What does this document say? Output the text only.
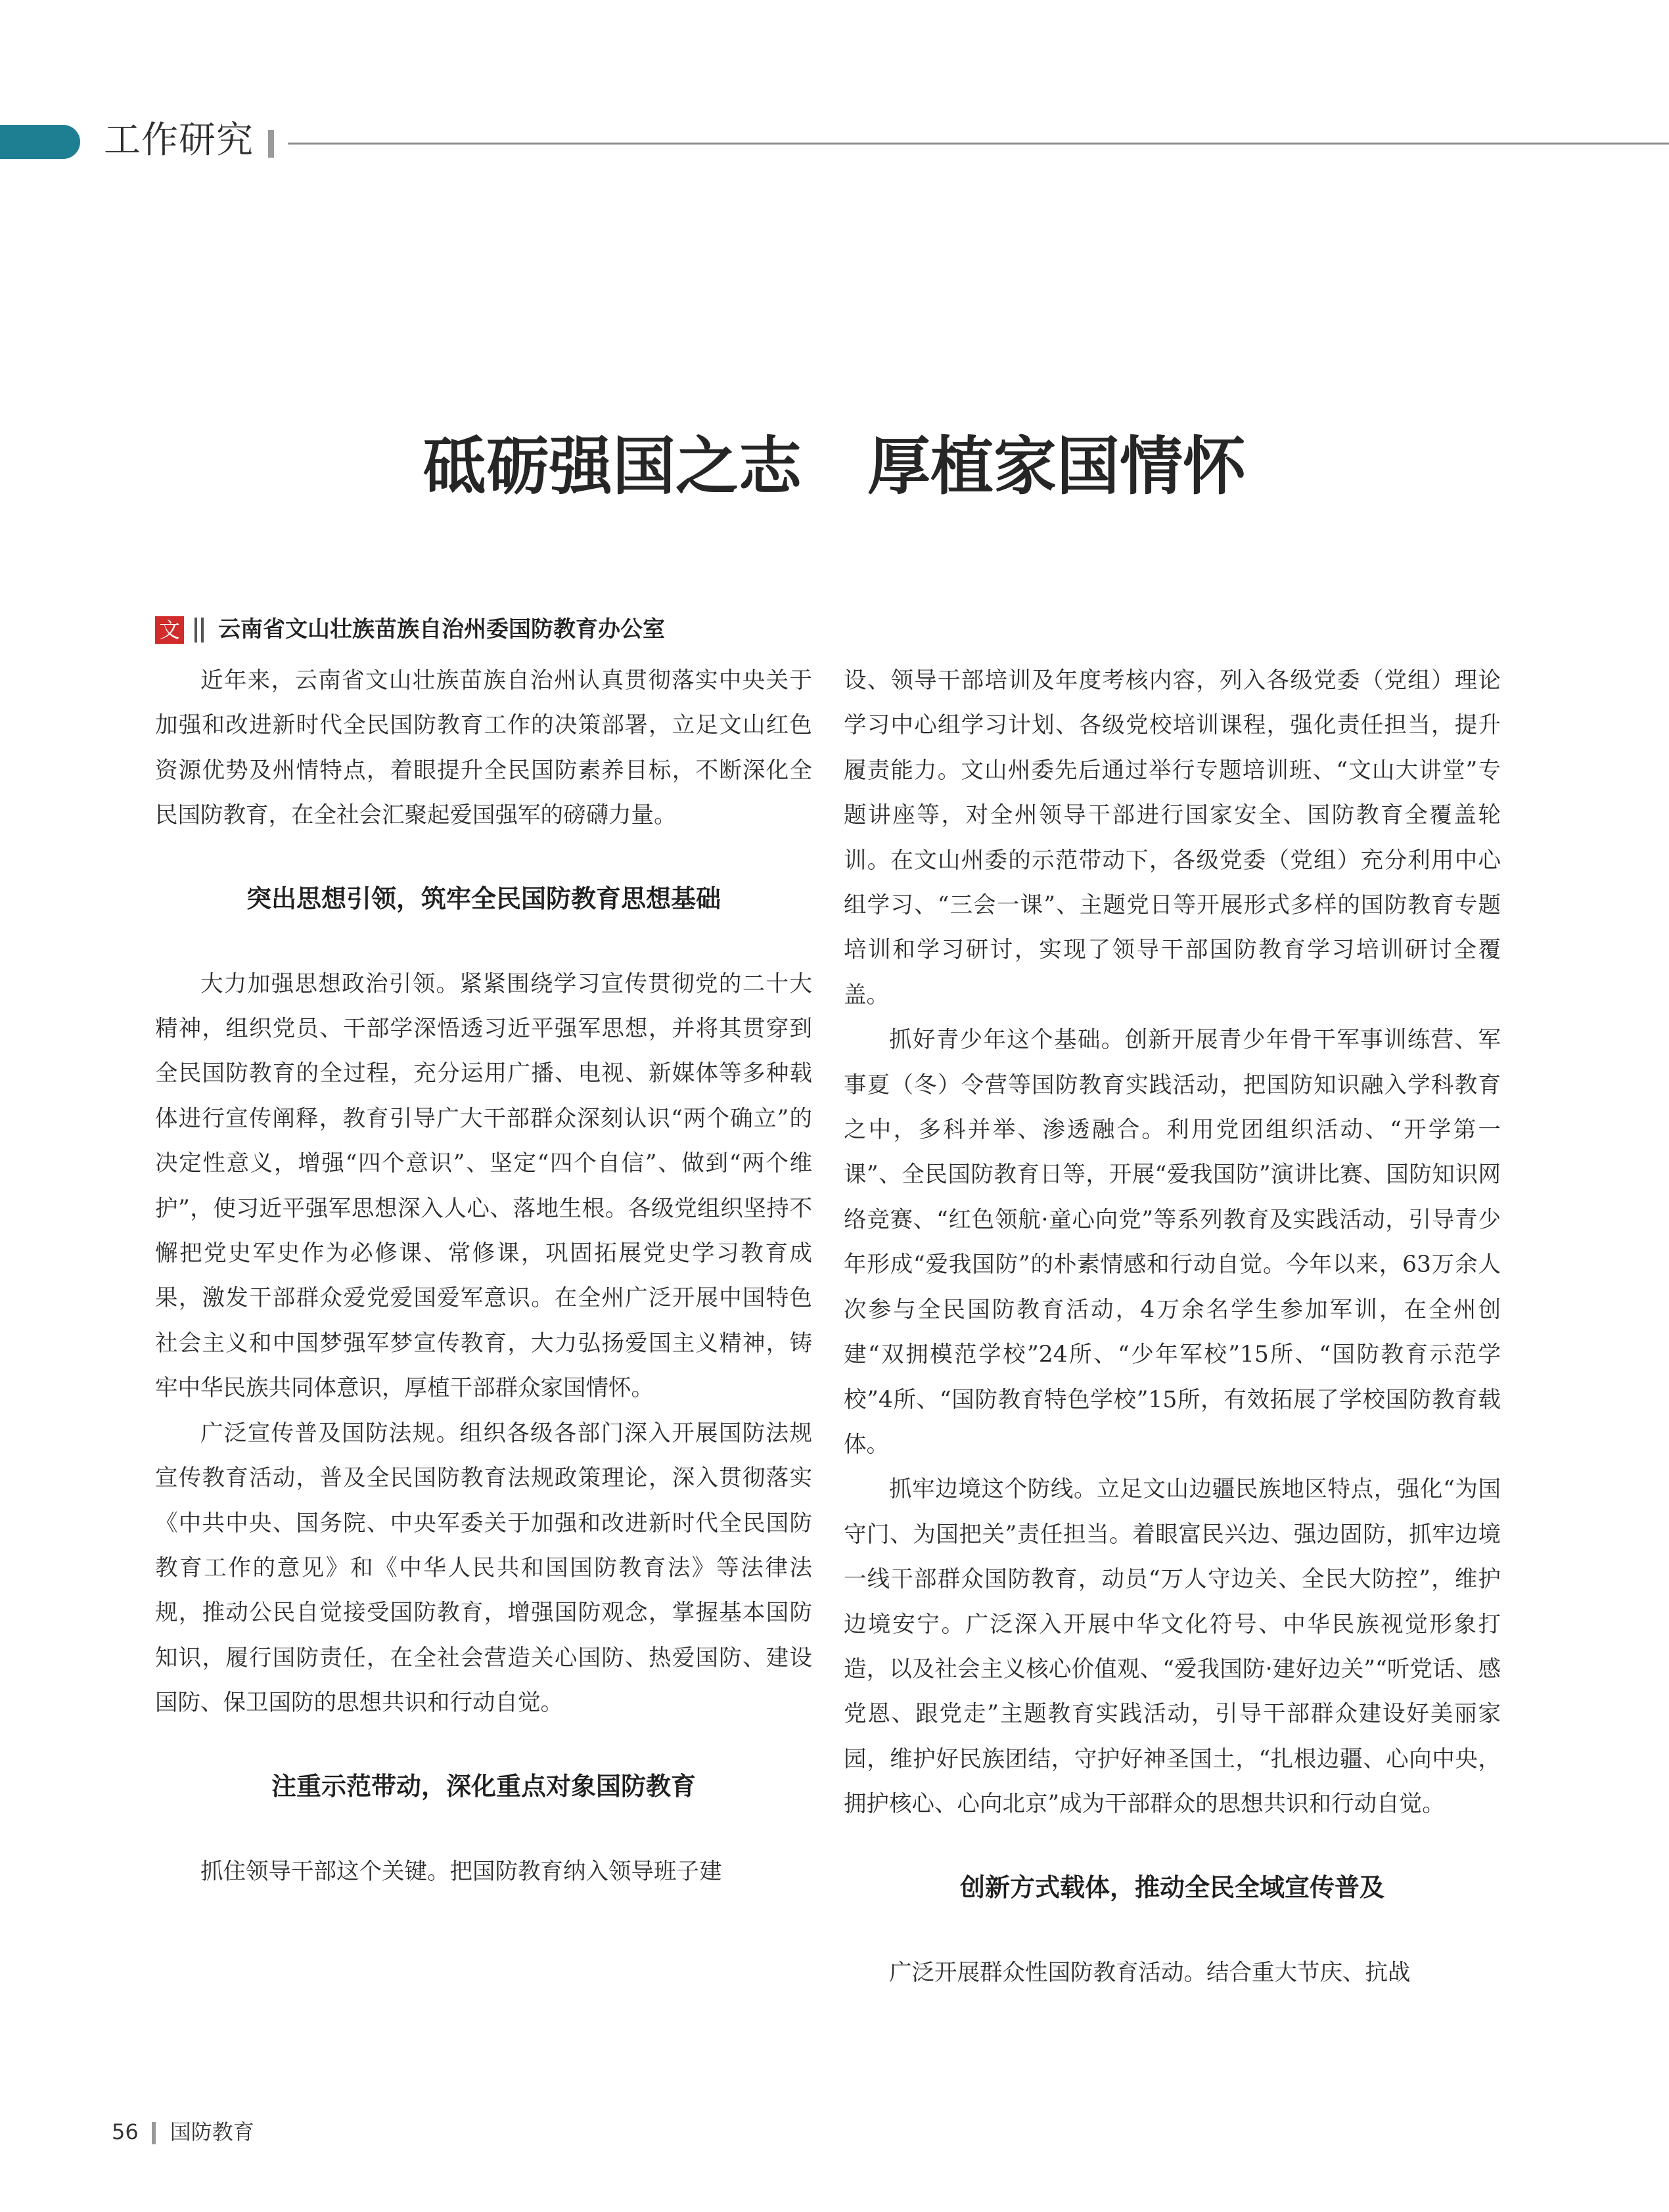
工作研究
砥砺强国之志 厚植家国情怀
文 云南省文山壮族苗族自治州委国防教育办公室

近年来，云南省文山壮族苗族自治州认真贯彻落实中央关于加强和改进新时代全民国防教育工作的决策部署，立足文山红色资源优势及州情特点，着眼提升全民国防素养目标，不断深化全民国防教育，在全社会汇聚起爱国强军的磅礴力量。

突出思想引领，筑牢全民国防教育思想基础

大力加强思想政治引领。紧紧围绕学习宣传贯彻党的二十大精神，组织党员、干部学深悟透习近平强军思想，并将其贯穿到全民国防教育的全过程，充分运用广播、电视、新媒体等多种载体进行宣传阐释，教育引导广大干部群众深刻认识“两个确立”的决定性意义，增强“四个意识”、坚定“四个自信”、做到“两个维护”，使习近平强军思想深入人心、落地生根。各级党组织坚持不懈把党史军史作为必修课、常修课，巩固拓展党史学习教育成果，激发干部群众爱党爱国爱军意识。在全州广泛开展中国特色社会主义和中国梦强军梦宣传教育，大力弘扬爱国主义精神，铸牢中华民族共同体意识，厚植干部群众家国情怀。

广泛宣传普及国防法规。组织各级各部门深入开展国防法规宣传教育活动，普及全民国防教育法规政策理论，深入贯彻落实《中共中央、国务院、中央军委关于加强和改进新时代全民国防教育工作的意见》和《中华人民共和国国防教育法》等法律法规，推动公民自觉接受国防教育，增强国防观念，掌握基本国防知识，履行国防责任，在全社会营造关心国防、热爱国防、建设国防、保卫国防的思想共识和行动自觉。

注重示范带动，深化重点对象国防教育

抓住领导干部这个关键。把国防教育纳入领导班子建

设、领导干部培训及年度考核内容，列入各级党委（党组）理论学习中心组学习计划、各级党校培训课程，强化责任担当，提升履责能力。文山州委先后通过举行专题培训班、“文山大讲堂”专题讲座等，对全州领导干部进行国家安全、国防教育全覆盖轮训。在文山州委的示范带动下，各级党委（党组）充分利用中心组学习、“三会一课”、主题党日等开展形式多样的国防教育专题培训和学习研讨，实现了领导干部国防教育学习培训研讨全覆盖。

抓好青少年这个基础。创新开展青少年骨干军事训练营、军事夏（冬）令营等国防教育实践活动，把国防知识融入学科教育之中，多科并举、渗透融合。利用党团组织活动、“开学第一课”、全民国防教育日等，开展“爱我国防”演讲比赛、国防知识网络竞赛、“红色领航·童心向党”等系列教育及实践活动，引导青少年形成“爱我国防”的朴素情感和行动自觉。今年以来，63万余人次参与全民国防教育活动，4万余名学生参加军训，在全州创建“双拥模范学校”24所、“少年军校”15所、“国防教育示范学校”4所、“国防教育特色学校”15所，有效拓展了学校国防教育载体。

抓牢边境这个防线。立足文山边疆民族地区特点，强化“为国守门、为国把关”责任担当。着眼富民兴边、强边固防，抓牢边境一线干部群众国防教育，动员“万人守边关、全民大防控”，维护边境安宁。广泛深入开展中华文化符号、中华民族视觉形象打造，以及社会主义核心价值观、“爱我国防·建好边关”“听党话、感党恩、跟党走”主题教育实践活动，引导干部群众建设好美丽家园，维护好民族团结，守护好神圣国土，“扎根边疆、心向中央，拥护核心、心向北京”成为干部群众的思想共识和行动自觉。

创新方式载体，推动全民全域宣传普及

广泛开展群众性国防教育活动。结合重大节庆、抗战

56 国防教育
